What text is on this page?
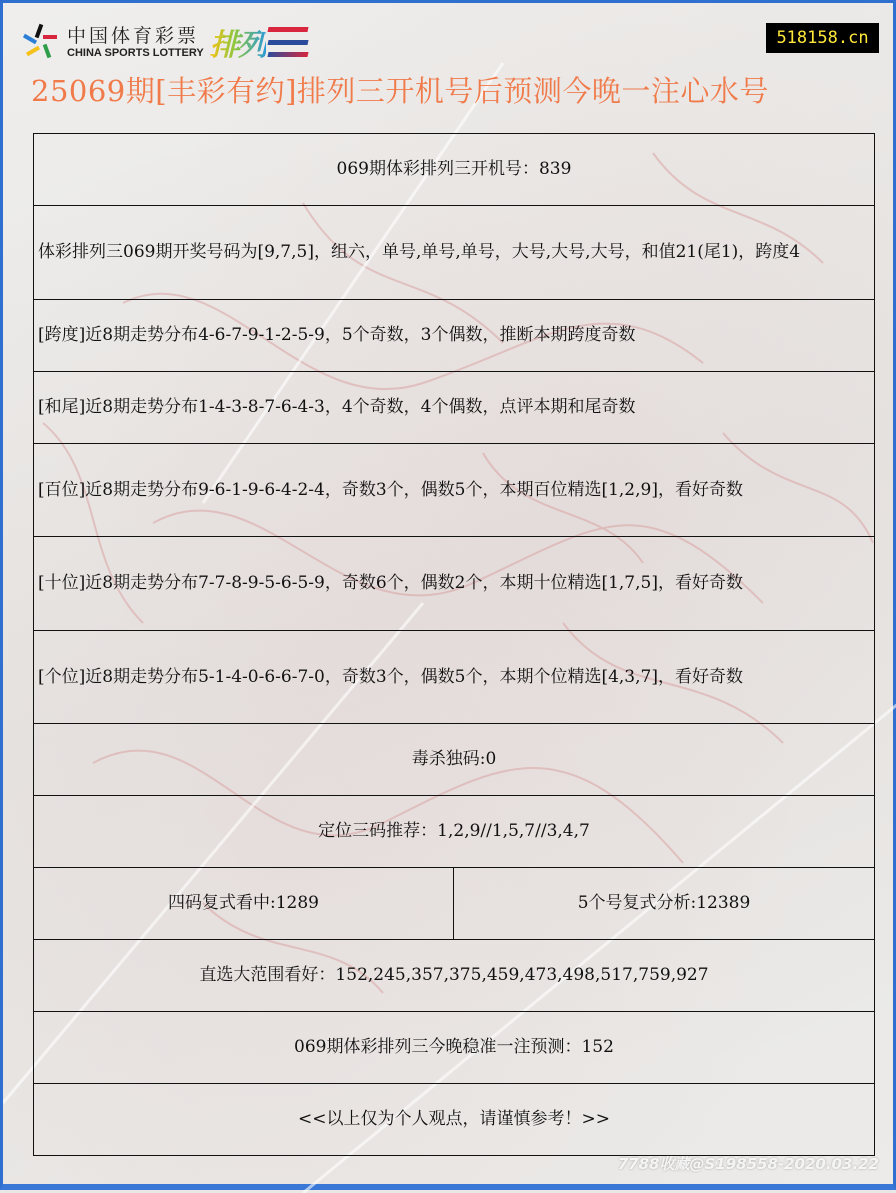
中国体育彩票
CHINA SPORTS LOTTERY 排列	518158.cn
25069期[丰彩有约]排列三开机号后预测今晚一注心水号
069期体彩排列三开机号：839
体彩排列三069期开奖号码为[9,7,5]，组六，单号,单号,单号，大号,大号,大号，和值21(尾1)，跨度4
[跨度]近8期走势分布4-6-7-9-1-2-5-9，5个奇数，3个偶数，推断本期跨度奇数
[和尾]近8期走势分布1-4-3-8-7-6-4-3，4个奇数，4个偶数，点评本期和尾奇数
[百位]近8期走势分布9-6-1-9-6-4-2-4，奇数3个，偶数5个，本期百位精选[1,2,9]，看好奇数
[十位]近8期走势分布7-7-8-9-5-6-5-9，奇数6个，偶数2个，本期十位精选[1,7,5]，看好奇数
[个位]近8期走势分布5-1-4-0-6-6-7-0，奇数3个，偶数5个，本期个位精选[4,3,7]，看好奇数
毒杀独码:0
定位三码推荐：1,2,9//1,5,7//3,4,7
四码复式看中:1289	5个号复式分析:12389
直选大范围看好：152,245,357,375,459,473,498,517,759,927
069期体彩排列三今晚稳准一注预测：152
<<以上仅为个人观点，请谨慎参考！>>
7788收藏@S198558-2020.03.22
